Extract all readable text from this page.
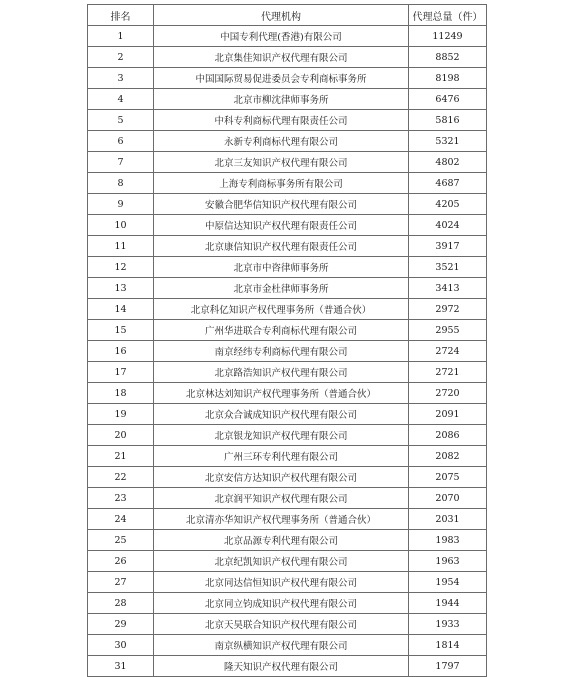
排名	代理机构	代理总量（件）
1	中国专利代理(香港)有限公司	11249
2	北京集佳知识产权代理有限公司	8852
3	中国国际贸易促进委员会专利商标事务所	8198
4	北京市柳沈律师事务所	6476
5	中科专利商标代理有限责任公司	5816
6	永新专利商标代理有限公司	5321
7	北京三友知识产权代理有限公司	4802
8	上海专利商标事务所有限公司	4687
9	安徽合肥华信知识产权代理有限公司	4205
10	中原信达知识产权代理有限责任公司	4024
11	北京康信知识产权代理有限责任公司	3917
12	北京市中咨律师事务所	3521
13	北京市金杜律师事务所	3413
14	北京科亿知识产权代理事务所（普通合伙）	2972
15	广州华进联合专利商标代理有限公司	2955
16	南京经纬专利商标代理有限公司	2724
17	北京路浩知识产权代理有限公司	2721
18	北京林达刘知识产权代理事务所（普通合伙）	2720
19	北京众合诚成知识产权代理有限公司	2091
20	北京银龙知识产权代理有限公司	2086
21	广州三环专利代理有限公司	2082
22	北京安信方达知识产权代理有限公司	2075
23	北京润平知识产权代理有限公司	2070
24	北京清亦华知识产权代理事务所（普通合伙）	2031
25	北京品源专利代理有限公司	1983
26	北京纪凯知识产权代理有限公司	1963
27	北京同达信恒知识产权代理有限公司	1954
28	北京同立钧成知识产权代理有限公司	1944
29	北京天昊联合知识产权代理有限公司	1933
30	南京纵横知识产权代理有限公司	1814
31	隆天知识产权代理有限公司	1797
